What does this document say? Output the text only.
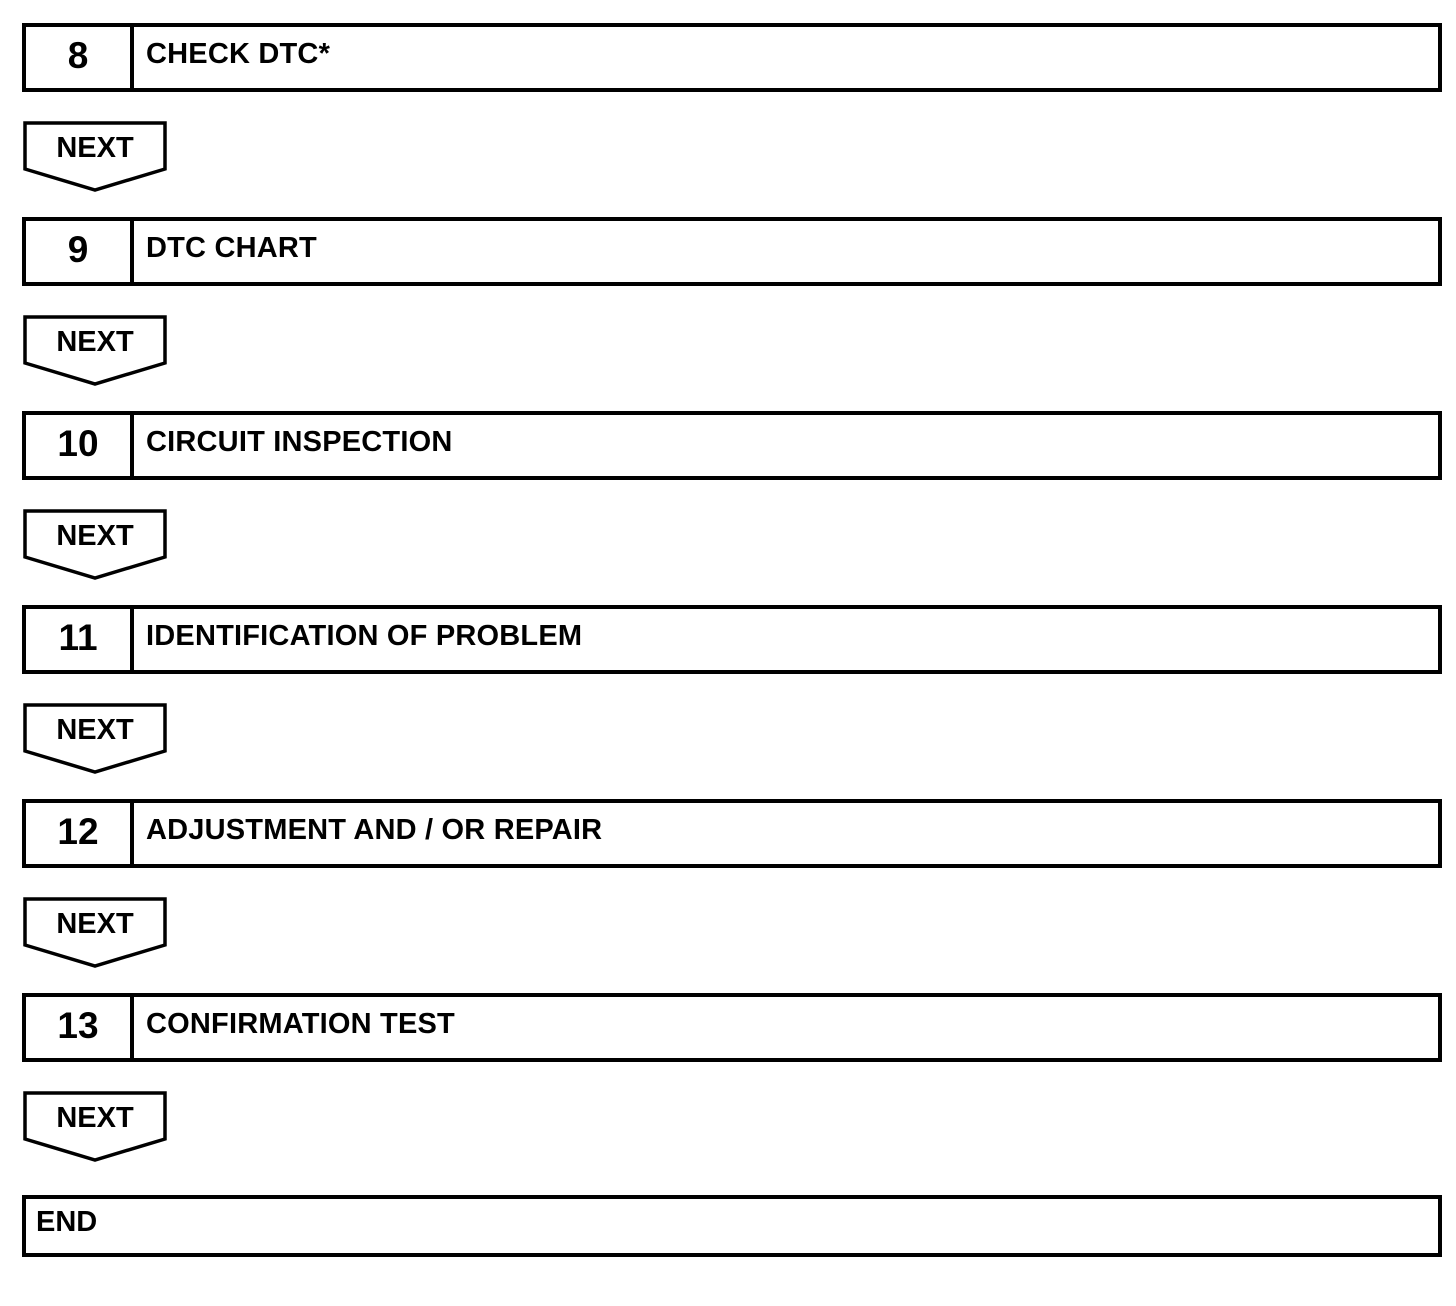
8	CHECK DTC*
NEXT
9	DTC CHART
NEXT
10	CIRCUIT INSPECTION
NEXT
11	IDENTIFICATION OF PROBLEM
NEXT
12	ADJUSTMENT AND / OR REPAIR
NEXT
13	CONFIRMATION TEST
NEXT
END
